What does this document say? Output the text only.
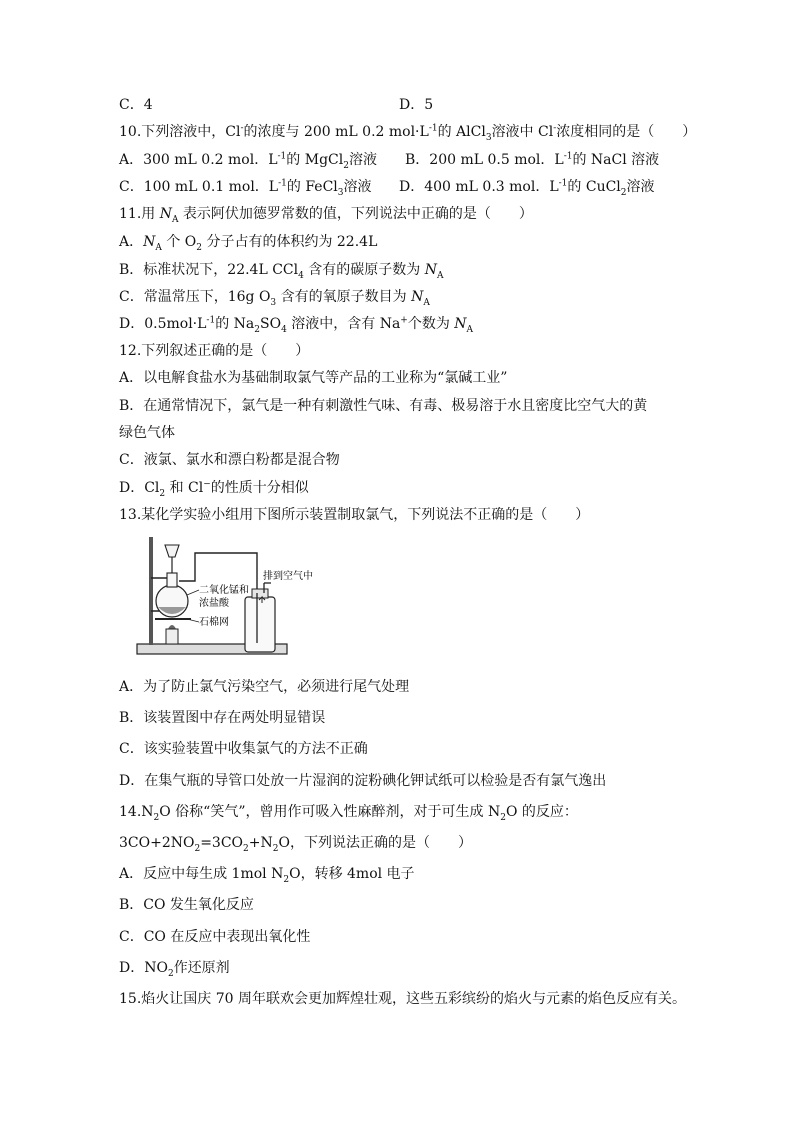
C．4	D．5
10.下列溶液中，Cl-的浓度与 200 mL 0.2 $mol\cdot L^{-1}$的 AlCl$_3$溶液中 Cl-浓度相同的是（　　）
A．300 mL 0.2 mol．$L^{-1}$的 MgCl$_2$溶液 B．200 mL 0.5 mol．$L^{-1}$的 NaCl 溶液
C．100 mL 0.1 mol．$L^{-1}$的 FeCl$_3$溶液 D．400 mL 0.3 mol．$L^{-1}$的 CuCl$_2$溶液
11.用 $N_A$ 表示阿伏加德罗常数的值，下列说法中正确的是（　　）
A．$N_A$ 个 $O_2$ 分子占有的体积约为 22.4L
B．标准状况下，22.4L CCl$_4$ 含有的碳原子数为 $N_A$
C．常温常压下，16g $O_3$ 含有的氧原子数目为 $N_A$
D．$0.5mol\cdot L^{-1}$的 $Na_2SO_4$ 溶液中，含有 Na+个数为 $N_A$
12.下列叙述正确的是（　　）
A．以电解食盐水为基础制取氯气等产品的工业称为“氯碱工业”
B．在通常情况下，氯气是一种有刺激性气味、有毒、极易溶于水且密度比空气大的黄
绿色气体
C．液氯、氯水和漂白粉都是混合物
D．$Cl_2$ 和 Cl−的性质十分相似
13.某化学实验小组用下图所示装置制取氯气，下列说法不正确的是（　　）
二氧化锰和
浓盐酸
石棉网
排到空气中
A．为了防止氯气污染空气，必须进行尾气处理
B．该装置图中存在两处明显错误
C．该实验装置中收集氯气的方法不正确
D．在集气瓶的导管口处放一片湿润的淀粉碘化钾试纸可以检验是否有氯气逸出
$14.N_2O$ 俗称“笑气”，曾用作可吸入性麻醉剂，对于可生成 $N_2O$ 的反应：
$3CO+2NO_2=3CO_2+N_2O$，下列说法正确的是（　　）
A．反应中每生成 1mol $N_2O$，转移 4mol 电子
B．CO 发生氧化反应
C．CO 在反应中表现出氧化性
D．$NO_2$作还原剂
15.焰火让国庆 70 周年联欢会更加辉煌壮观，这些五彩缤纷的焰火与元素的焰色反应有关。
